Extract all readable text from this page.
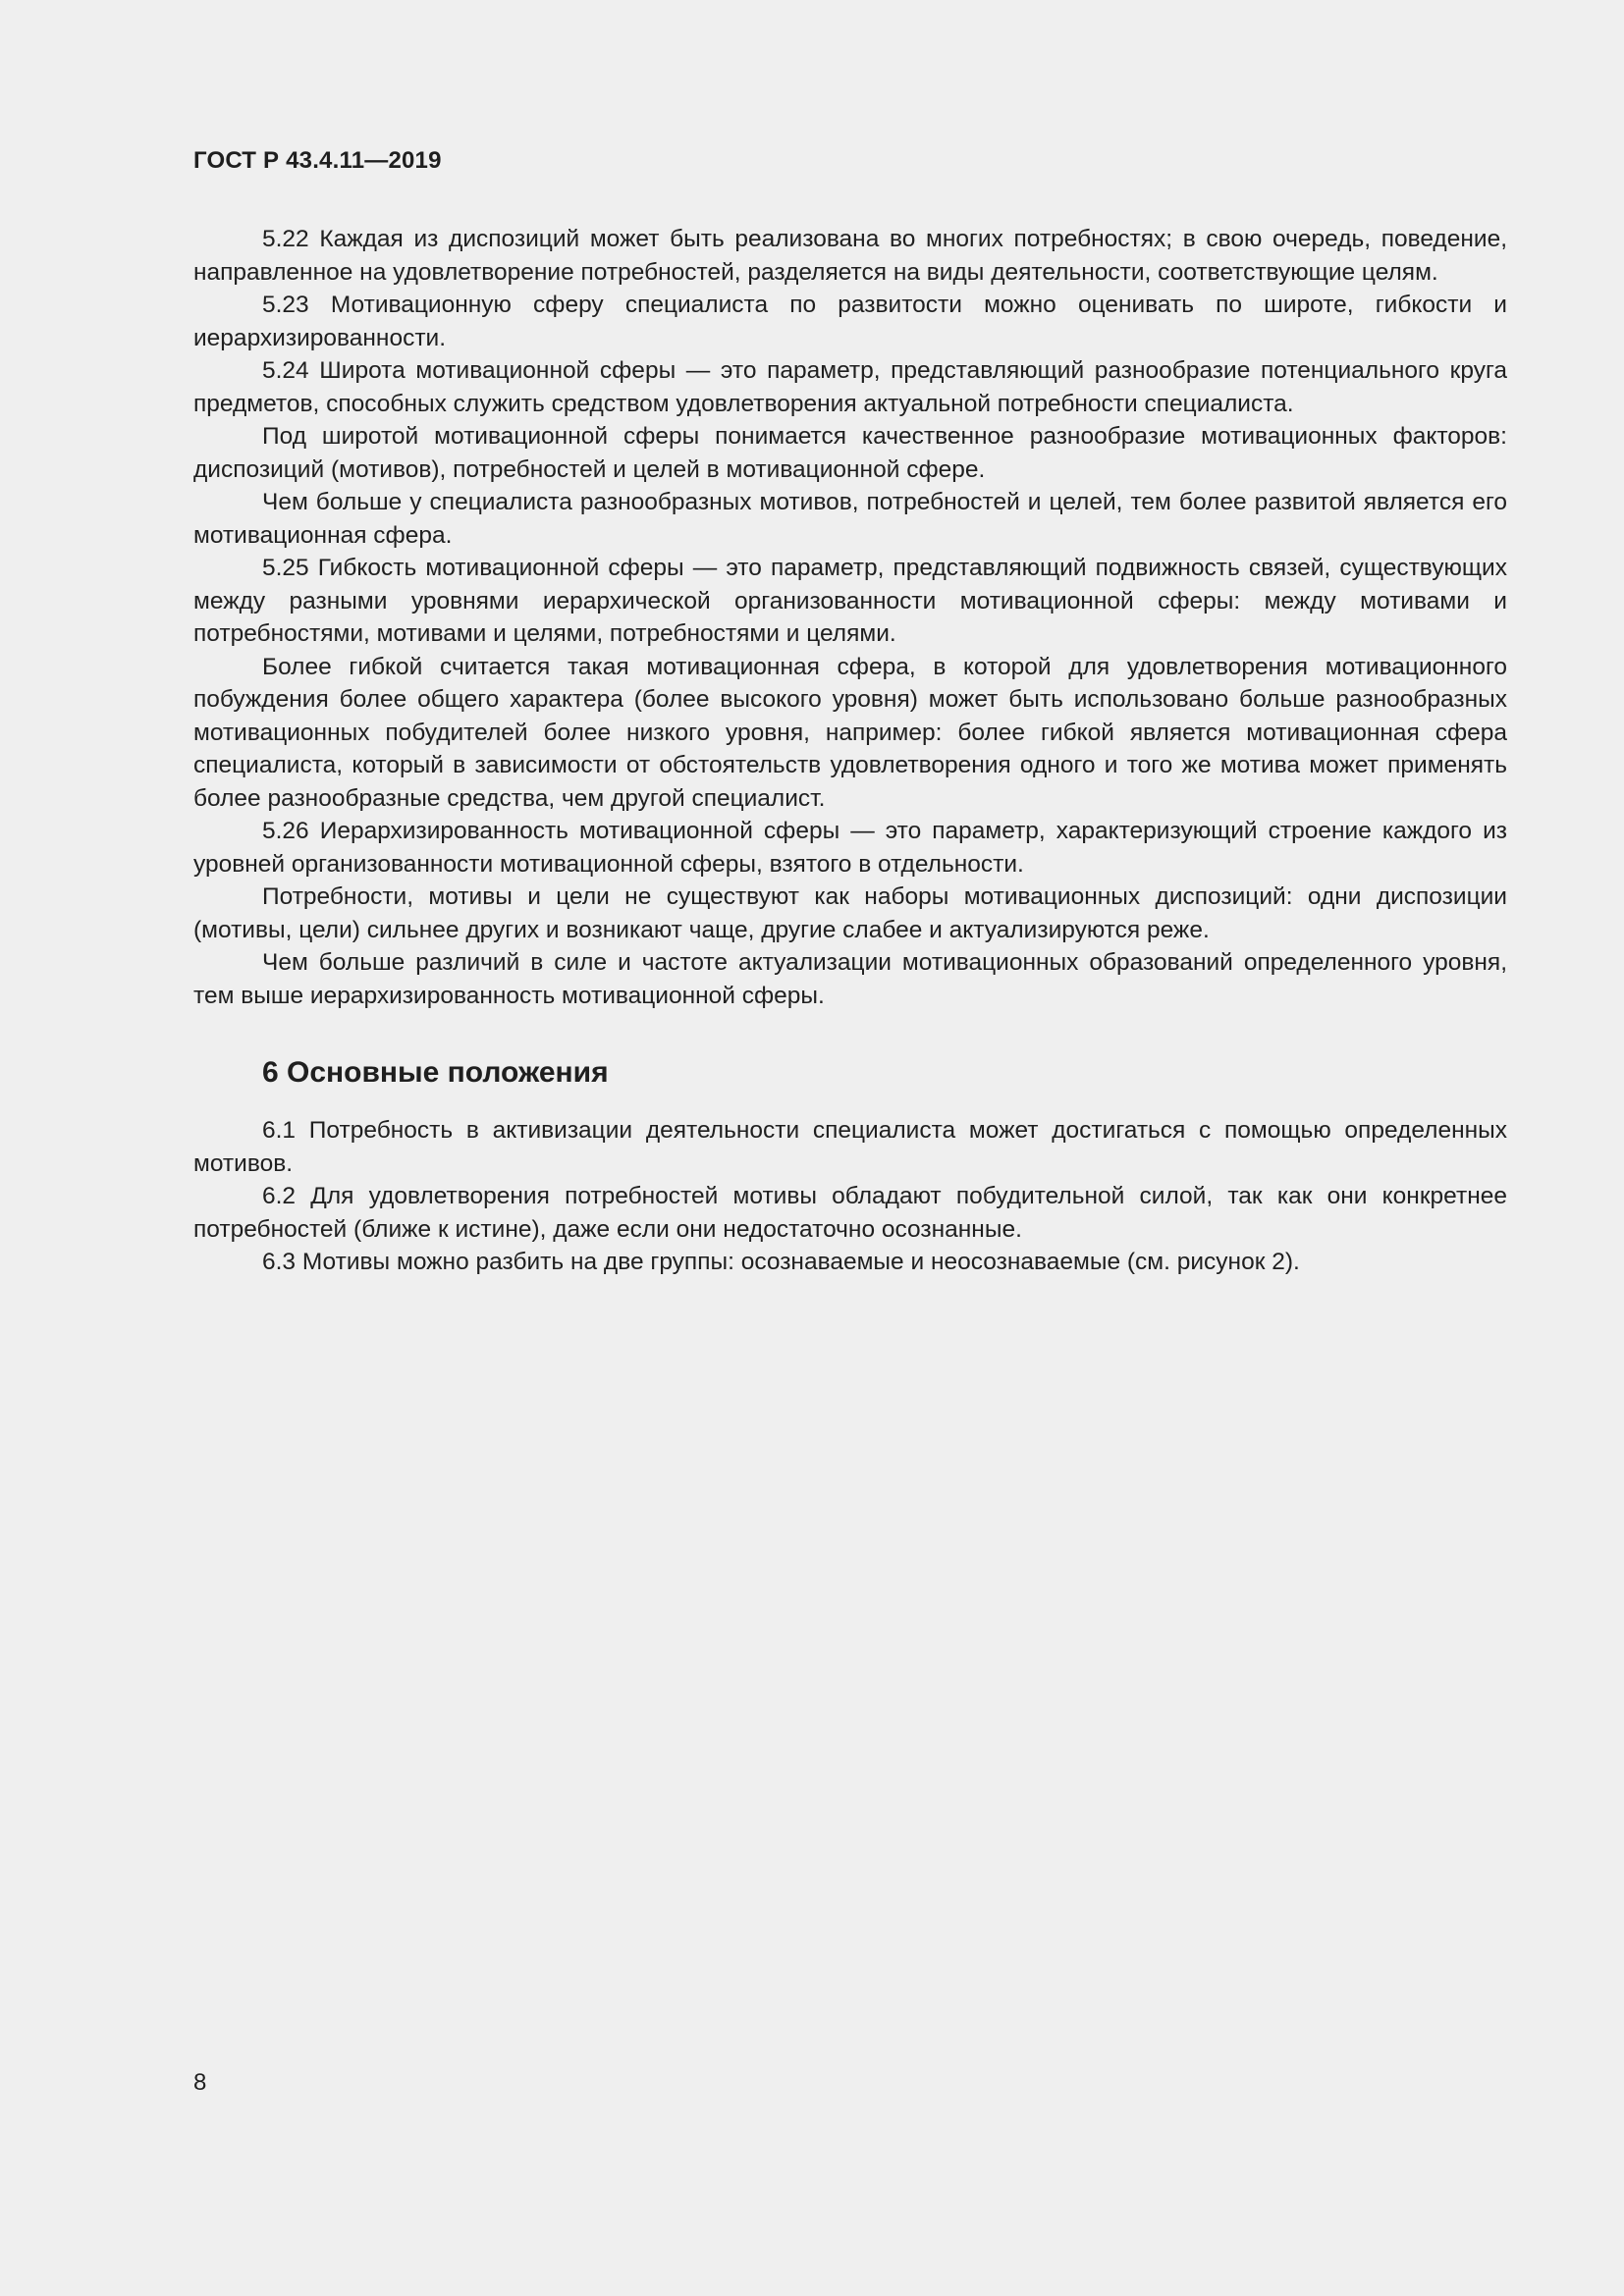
ГОСТ Р 43.4.11—2019

5.22 Каждая из диспозиций может быть реализована во многих потребностях; в свою очередь, поведение, направленное на удовлетворение потребностей, разделяется на виды деятельности, соответствующие целям.

5.23 Мотивационную сферу специалиста по развитости можно оценивать по широте, гибкости и иерархизированности.

5.24 Широта мотивационной сферы — это параметр, представляющий разнообразие потенциального круга предметов, способных служить средством удовлетворения актуальной потребности специалиста.

Под широтой мотивационной сферы понимается качественное разнообразие мотивационных факторов: диспозиций (мотивов), потребностей и целей в мотивационной сфере.

Чем больше у специалиста разнообразных мотивов, потребностей и целей, тем более развитой является его мотивационная сфера.

5.25 Гибкость мотивационной сферы — это параметр, представляющий подвижность связей, существующих между разными уровнями иерархической организованности мотивационной сферы: между мотивами и потребностями, мотивами и целями, потребностями и целями.

Более гибкой считается такая мотивационная сфера, в которой для удовлетворения мотивационного побуждения более общего характера (более высокого уровня) может быть использовано больше разнообразных мотивационных побудителей более низкого уровня, например: более гибкой является мотивационная сфера специалиста, который в зависимости от обстоятельств удовлетворения одного и того же мотива может применять более разнообразные средства, чем другой специалист.

5.26 Иерархизированность мотивационной сферы — это параметр, характеризующий строение каждого из уровней организованности мотивационной сферы, взятого в отдельности.

Потребности, мотивы и цели не существуют как наборы мотивационных диспозиций: одни диспозиции (мотивы, цели) сильнее других и возникают чаще, другие слабее и актуализируются реже.

Чем больше различий в силе и частоте актуализации мотивационных образований определенного уровня, тем выше иерархизированность мотивационной сферы.

6 Основные положения

6.1 Потребность в активизации деятельности специалиста может достигаться с помощью определенных мотивов.

6.2 Для удовлетворения потребностей мотивы обладают побудительной силой, так как они конкретнее потребностей (ближе к истине), даже если они недостаточно осознанные.

6.3 Мотивы можно разбить на две группы: осознаваемые и неосознаваемые (см. рисунок 2).

8
